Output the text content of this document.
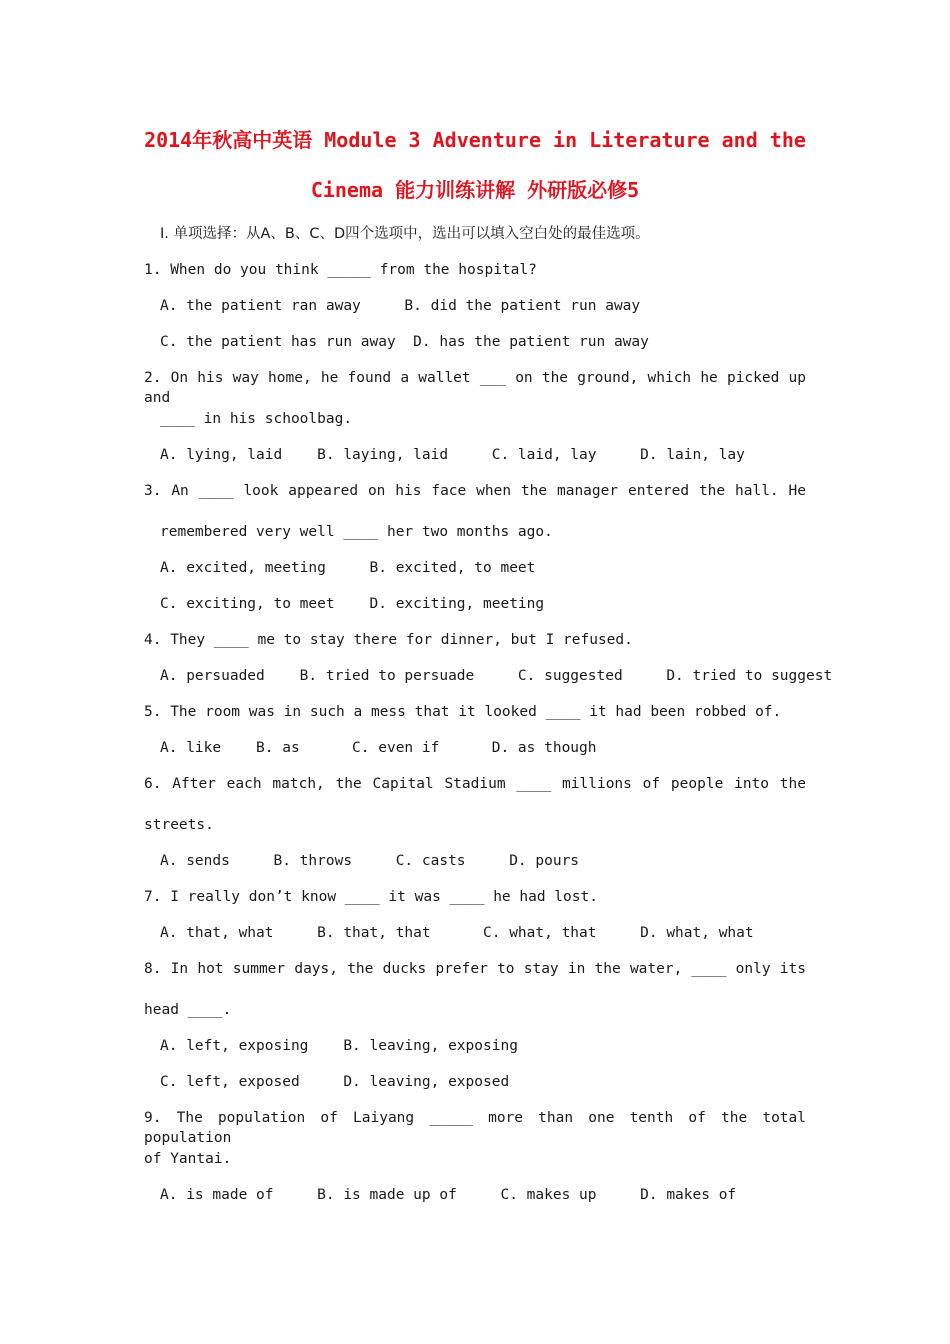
2014年秋高中英语 Module 3 Adventure in Literature and the
Cinema 能力训练讲解 外研版必修5
I. 单项选择：从A、B、C、D四个选项中，选出可以填入空白处的最佳选项。
1. When do you think _____ from the hospital?
A. the patient ran away     B. did the patient run away
C. the patient has run away  D. has the patient run away
2. On his way home, he found a wallet ___ on the ground, which he picked up and
____ in his schoolbag.
A. lying, laid    B. laying, laid     C. laid, lay     D. lain, lay
3. An ____ look appeared on his face when the manager entered the hall. He
remembered very well ____ her two months ago.
A. excited, meeting     B. excited, to meet
C. exciting, to meet    D. exciting, meeting
4. They ____ me to stay there for dinner, but I refused.
A. persuaded    B. tried to persuade     C. suggested     D. tried to suggest
5. The room was in such a mess that it looked ____ it had been robbed of.
A. like    B. as      C. even if      D. as though
6. After each match, the Capital Stadium ____ millions of people into the
streets.
A. sends     B. throws     C. casts     D. pours
7. I really don’t know ____ it was ____ he had lost.
A. that, what     B. that, that      C. what, that     D. what, what
8. In hot summer days, the ducks prefer to stay in the water, ____ only its
head ____.
A. left, exposing    B. leaving, exposing
C. left, exposed     D. leaving, exposed
9. The population of Laiyang _____ more than one tenth of the total population
of Yantai.
A. is made of     B. is made up of     C. makes up     D. makes of
